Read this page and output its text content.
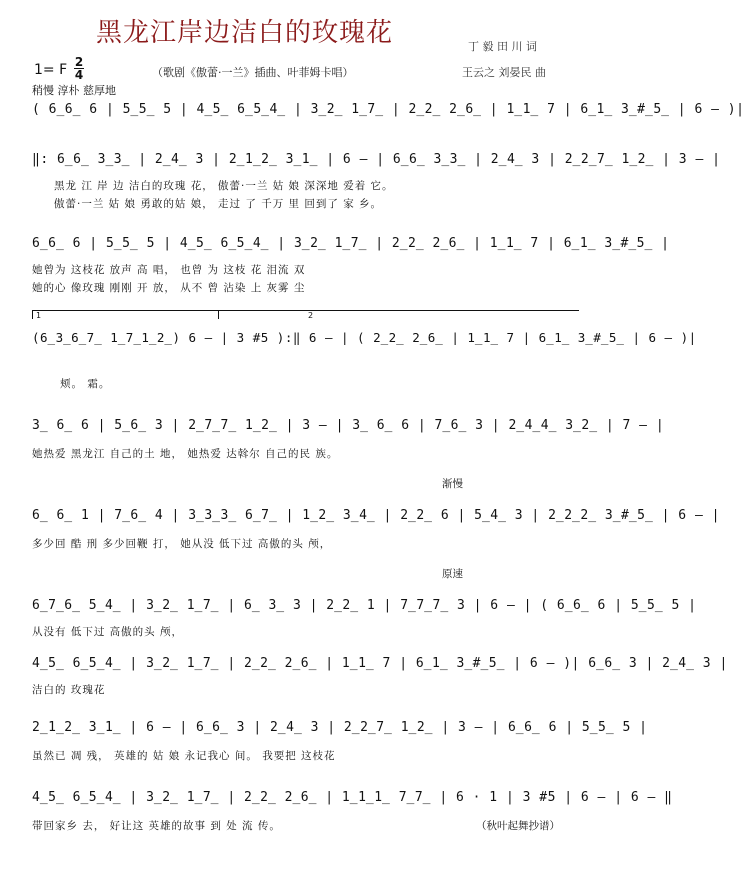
黑龙江岸边洁白的玫瑰花	丁 毅 田 川 词
王云之 刘晏民 曲
1= F 2
4	（歌剧《傲蕾·一兰》插曲、叶菲姆卡唱）
稍慢 淳朴 慈厚地
( 6̲6̲ 6 | 5̲5̲ 5 | 4̲5̲ 6̲5̲4̲ | 3̲2̲ 1̲7̲ | 2̲2̲ 2̲6̲ | 1̲1̲ 7 | 6̲1̲ 3̲#̲5̲ | 6 – )|
‖: 6̲6̲ 3̲3̲ | 2̲4̲ 3 | 2̲1̲2̲ 3̲1̲ | 6 – | 6̲6̲ 3̲3̲ | 2̲4̲ 3 | 2̲2̲7̲ 1̲2̲ | 3 – |
黑龙 江 岸 边 洁白的玫瑰 花， 傲蕾·一兰 姑 娘 深深地 爱着 它。
傲蕾·一兰 姑 娘 勇敢的姑 娘， 走过 了 千万 里 回到了 家 乡。
6̲6̲ 6 | 5̲5̲ 5 | 4̲5̲ 6̲5̲4̲ | 3̲2̲ 1̲7̲ | 2̲2̲ 2̲6̲ | 1̲1̲ 7 | 6̲1̲ 3̲#̲5̲ |
她曾为 这枝花 放声 高 唱， 也曾 为 这枝 花 泪流 双
她的心 像玫瑰 刚刚 开 放， 从不 曾 沾染 上 灰雾 尘
1	2
(6̲3̲6̲7̲ 1̲7̲1̲2̲) 6 – | 3 #5 ):‖ 6 – | ( 2̲2̲ 2̲6̲ | 1̲1̲ 7 | 6̲1̲ 3̲#̲5̲ | 6 – )|
颊。 霜。
3̲ 6̲ 6 | 5̲6̲ 3 | 2̲7̲7̲ 1̲2̲ | 3 – | 3̲ 6̲ 6 | 7̲6̲ 3 | 2̲4̲4̲ 3̲2̲ | 7 – |
她热爱 黑龙江 自己的土 地， 她热爱 达斡尔 自己的民 族。
渐慢
6̲ 6̲ 1 | 7̲6̲ 4 | 3̲3̲3̲ 6̲7̲ | 1̲2̲ 3̲4̲ | 2̲2̲ 6 | 5̲4̲ 3 | 2̲2̲2̲ 3̲#̲5̲ | 6 – |
多少回 酷 刑 多少回鞭 打， 她从没 低下过 高傲的头 颅，
原速
6̲7̲6̲ 5̲4̲ | 3̲2̲ 1̲7̲ | 6̲ 3̲ 3 | 2̲2̲ 1 | 7̲7̲7̲ 3 | 6 – | ( 6̲6̲ 6 | 5̲5̲ 5 |
从没有 低下过 高傲的头 颅，
4̲5̲ 6̲5̲4̲ | 3̲2̲ 1̲7̲ | 2̲2̲ 2̲6̲ | 1̲1̲ 7 | 6̲1̲ 3̲#̲5̲ | 6 – )| 6̲6̲ 3 | 2̲4̲ 3 |
洁白的 玫瑰花
2̲1̲2̲ 3̲1̲ | 6 – | 6̲6̲ 3 | 2̲4̲ 3 | 2̲2̲7̲ 1̲2̲ | 3 – | 6̲6̲ 6 | 5̲5̲ 5 |
虽然已 凋 残， 英雄的 姑 娘 永记我心 间。 我要把 这枝花
4̲5̲ 6̲5̲4̲ | 3̲2̲ 1̲7̲ | 2̲2̲ 2̲6̲ | 1̲1̲1̲ 7̲7̲ | 6 · 1 | 3 #5 | 6 – | 6 – ‖
带回家乡 去， 好让这 英雄的故事 到 处 流 传。	（秋叶起舞抄谱）
